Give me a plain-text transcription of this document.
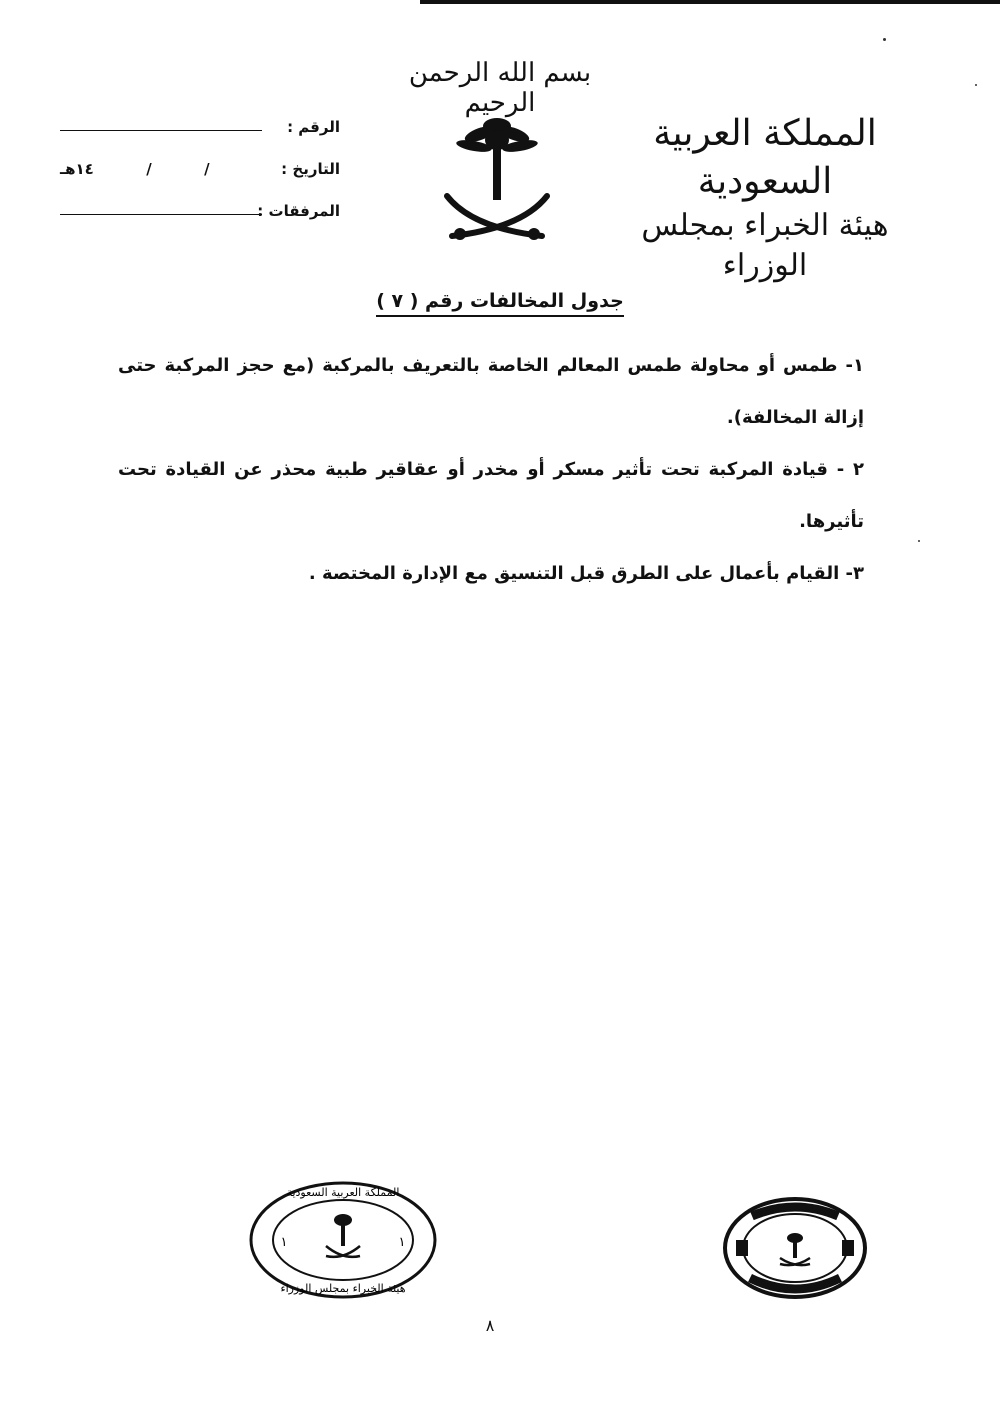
بسم الله الرحمن الرحيم
المملكة العربية السعودية
هيئة الخبراء بمجلس الوزراء
الرقم :
التاريخ :
١٤هـ	/	/
المرفقات :
جدول المخالفات رقم ( ٧ )

١- طمس أو محاولة طمس المعالم الخاصة بالتعريف بالمركبة (مع حجز المركبة حتى إزالة المخالفة).

٢ - قيادة المركبة تحت تأثير مسكر أو مخدر أو عقاقير طبية محذر عن القيادة تحت تأثيرها.

٣- القيام بأعمال على الطرق قبل التنسيق مع الإدارة المختصة .

المملكة العربية السعودية
هيئة الخبراء بمجلس الوزراء
١	١
٨
